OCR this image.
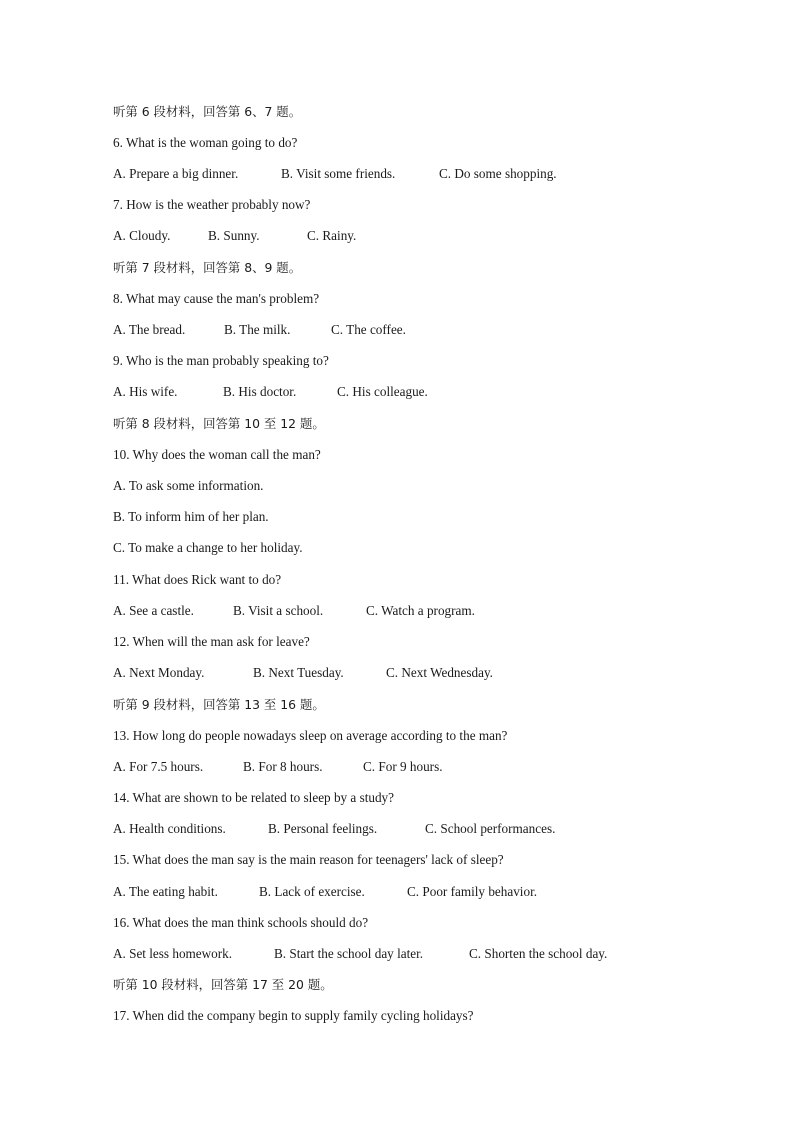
听第 6 段材料，回答第 6、7 题。
6. What is the woman going to do?
A. Prepare a big dinner.	B. Visit some friends.	C. Do some shopping.
7. How is the weather probably now?
A. Cloudy.	B. Sunny.	C. Rainy.
听第 7 段材料，回答第 8、9 题。
8. What may cause the man's problem?
A. The bread.	B. The milk.	C. The coffee.
9. Who is the man probably speaking to?
A. His wife.	B. His doctor.	C. His colleague.
听第 8 段材料，回答第 10 至 12 题。
10. Why does the woman call the man?
A. To ask some information.
B. To inform him of her plan.
C. To make a change to her holiday.
11. What does Rick want to do?
A. See a castle.	B. Visit a school.	C. Watch a program.
12. When will the man ask for leave?
A. Next Monday.	B. Next Tuesday.	C. Next Wednesday.
听第 9 段材料，回答第 13 至 16 题。
13. How long do people nowadays sleep on average according to the man?
A. For 7.5 hours.	B. For 8 hours.	C. For 9 hours.
14. What are shown to be related to sleep by a study?
A. Health conditions.	B. Personal feelings.	C. School performances.
15. What does the man say is the main reason for teenagers' lack of sleep?
A. The eating habit.	B. Lack of exercise.	C. Poor family behavior.
16. What does the man think schools should do?
A. Set less homework.	B. Start the school day later.	C. Shorten the school day.
听第 10 段材料，回答第 17 至 20 题。
17. When did the company begin to supply family cycling holidays?
